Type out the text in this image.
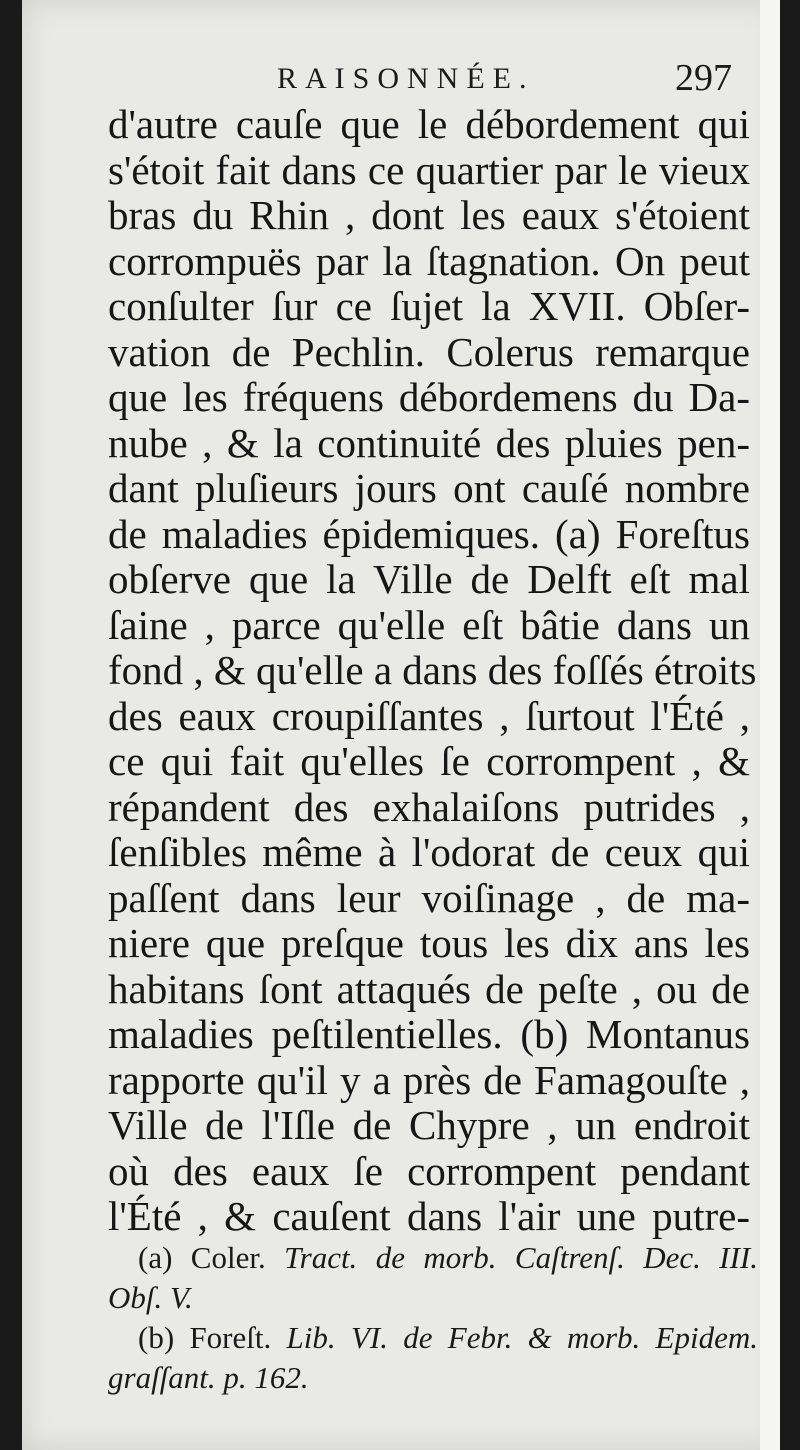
RAISONNÉE.	297
d'autre cauſe que le débordement qui
s'étoit fait dans ce quartier par le vieux
bras du Rhin , dont les eaux s'étoient
corrompuës par la ſtagnation. On peut
conſulter ſur ce ſujet la XVII. Obſer-
vation de Pechlin. Colerus remarque
que les fréquens débordemens du Da-
nube , & la continuité des pluies pen-
dant pluſieurs jours ont cauſé nombre
de maladies épidemiques. (a) Foreſtus
obſerve que la Ville de Delft eſt mal
ſaine , parce qu'elle eſt bâtie dans un
fond , & qu'elle a dans des foſſés étroits
des eaux croupiſſantes , ſurtout l'Été ,
ce qui fait qu'elles ſe corrompent , &
répandent des exhalaiſons putrides ,
ſenſibles même à l'odorat de ceux qui
paſſent dans leur voiſinage , de ma-
niere que preſque tous les dix ans les
habitans ſont attaqués de peſte , ou de
maladies peſtilentielles. (b) Montanus
rapporte qu'il y a près de Famagouſte ,
Ville de l'Iſle de Chypre , un endroit
où des eaux ſe corrompent pendant
l'Été , & cauſent dans l'air une putre-
(a) Coler. Tract. de morb. Caſtrenſ. Dec. III.
Obſ. V.
(b) Foreſt. Lib. VI. de Febr. & morb. Epidem.
graſſant. p. 162.
